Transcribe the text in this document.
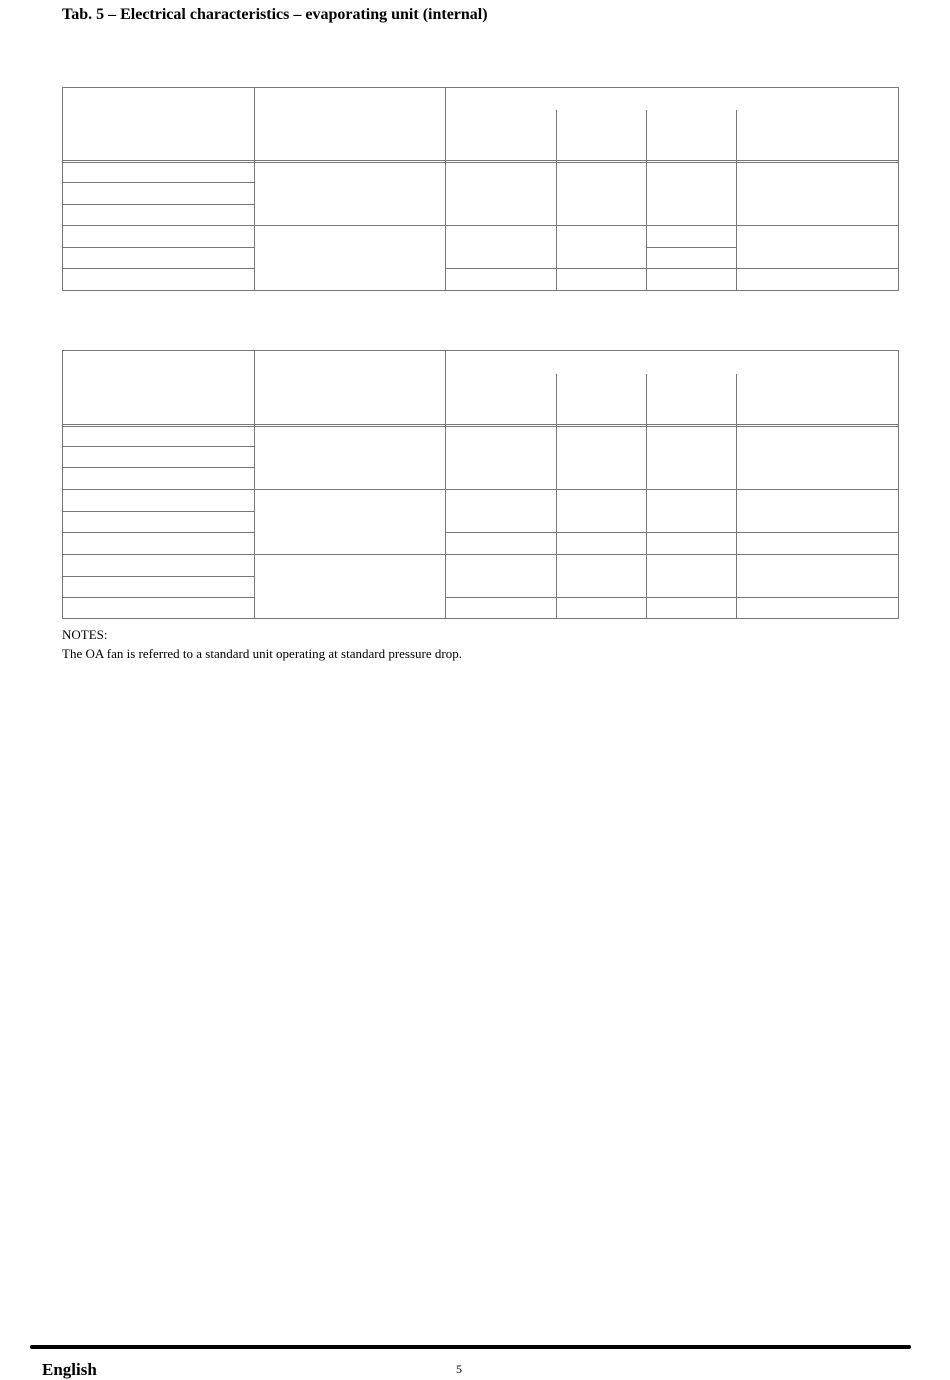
Tab. 5 – Electrical characteristics – evaporating unit (internal)
NOTES:
The OA fan is referred to a standard unit operating at standard pressure drop.
English	5
